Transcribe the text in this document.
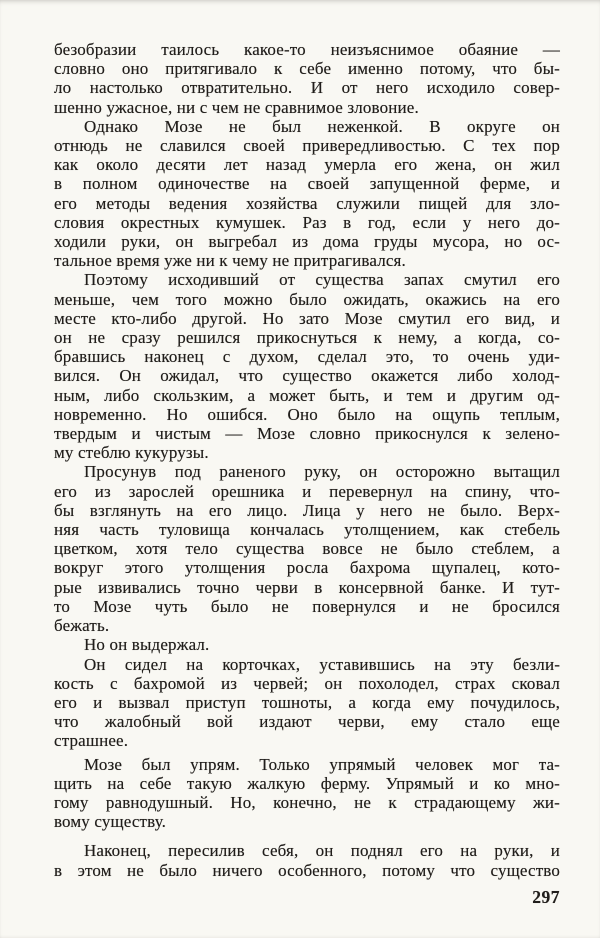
безобразии таилось какое-то неизъяснимое обаяние —
словно оно притягивало к себе именно потому, что бы-
ло настолько отвратительно. И от него исходило совер-
шенно ужасное, ни с чем не сравнимое зловоние.
Однако Мозе не был неженкой. В округе он
отнюдь не славился своей привередливостью. С тех пор
как около десяти лет назад умерла его жена, он жил
в полном одиночестве на своей запущенной ферме, и
его методы ведения хозяйства служили пищей для зло-
словия окрестных кумушек. Раз в год, если у него до-
ходили руки, он выгребал из дома груды мусора, но ос-
тальное время уже ни к чему не притрагивался.
Поэтому исходивший от существа запах смутил его
меньше, чем того можно было ожидать, окажись на его
месте кто-либо другой. Но зато Мозе смутил его вид, и
он не сразу решился прикоснуться к нему, а когда, со-
бравшись наконец с духом, сделал это, то очень уди-
вился. Он ожидал, что существо окажется либо холод-
ным, либо скользким, а может быть, и тем и другим од-
новременно. Но ошибся. Оно было на ощупь теплым,
твердым и чистым — Мозе словно прикоснулся к зелено-
му стеблю кукурузы.
Просунув под раненого руку, он осторожно вытащил
его из зарослей орешника и перевернул на спину, что-
бы взглянуть на его лицо. Лица у него не было. Верх-
няя часть туловища кончалась утолщением, как стебель
цветком, хотя тело существа вовсе не было стеблем, а
вокруг этого утолщения росла бахрома щупалец, кото-
рые извивались точно черви в консервной банке. И тут-
то Мозе чуть было не повернулся и не бросился
бежать.
Но он выдержал.
Он сидел на корточках, уставившись на эту безли-
кость с бахромой из червей; он похолодел, страх сковал
его и вызвал приступ тошноты, а когда ему почудилось,
что жалобный вой издают черви, ему стало еще
страшнее.
Мозе был упрям. Только упрямый человек мог та-
щить на себе такую жалкую ферму. Упрямый и ко мно-
гому равнодушный. Но, конечно, не к страдающему жи-
вому существу.
Наконец, пересилив себя, он поднял его на руки, и
в этом не было ничего особенного, потому что существо
297
